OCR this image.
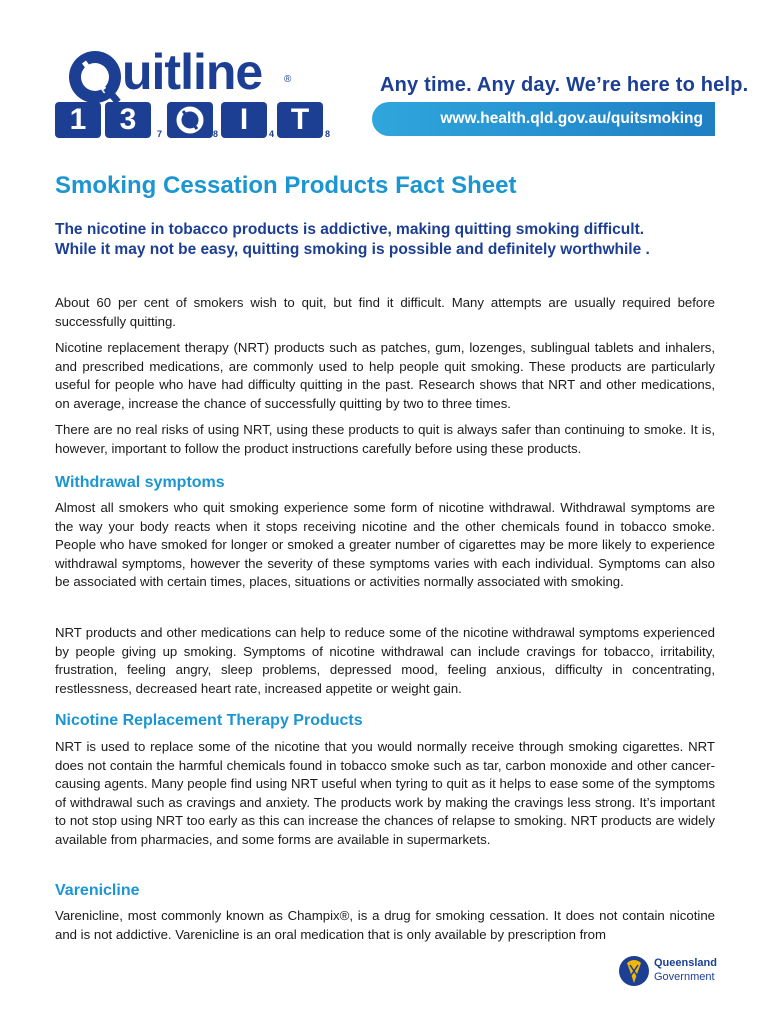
uitline ®
1	3	I	T
7	8	4	8
Any time. Any day. We’re here to help.
www.health.qld.gov.au/quitsmoking
Smoking Cessation Products Fact Sheet

The nicotine in tobacco products is addictive, making quitting smoking difficult. While it may not be easy, quitting smoking is possible and definitely worthwhile .

About 60 per cent of smokers wish to quit, but find it difficult. Many attempts are usually required before successfully quitting.

Nicotine replacement therapy (NRT) products such as patches, gum, lozenges, sublingual tablets and inhalers, and prescribed medications, are commonly used to help people quit smoking. These products are particularly useful for people who have had difficulty quitting in the past. Research shows that NRT and other medications, on average, increase the chance of successfully quitting by two to three times.

There are no real risks of using NRT, using these products to quit is always safer than continuing to smoke. It is, however, important to follow the product instructions carefully before using these products.

Withdrawal symptoms

Almost all smokers who quit smoking experience some form of nicotine withdrawal. Withdrawal symptoms are the way your body reacts when it stops receiving nicotine and the other chemicals found in tobacco smoke. People who have smoked for longer or smoked a greater number of cigarettes may be more likely to experience withdrawal symptoms, however the severity of these symptoms varies with each individual. Symptoms can also be associated with certain times, places, situations or activities normally associated with smoking.

NRT products and other medications can help to reduce some of the nicotine withdrawal symptoms experienced by people giving up smoking. Symptoms of nicotine withdrawal can include cravings for tobacco, irritability, frustration, feeling angry, sleep problems, depressed mood, feeling anxious, difficulty in concentrating, restlessness, decreased heart rate, increased appetite or weight gain.

Nicotine Replacement Therapy Products

NRT is used to replace some of the nicotine that you would normally receive through smoking cigarettes. NRT does not contain the harmful chemicals found in tobacco smoke such as tar, carbon monoxide and other cancer-causing agents. Many people find using NRT useful when tyring to quit as it helps to ease some of the symptoms of withdrawal such as cravings and anxiety. The products work by making the cravings less strong. It’s important to not stop using NRT too early as this can increase the chances of relapse to smoking. NRT products are widely available from pharmacies, and some forms are available in supermarkets.

Varenicline

Varenicline, most commonly known as Champix®, is a drug for smoking cessation. It does not contain nicotine and is not addictive. Varenicline is an oral medication that is only available by prescription from

Queensland
Government
